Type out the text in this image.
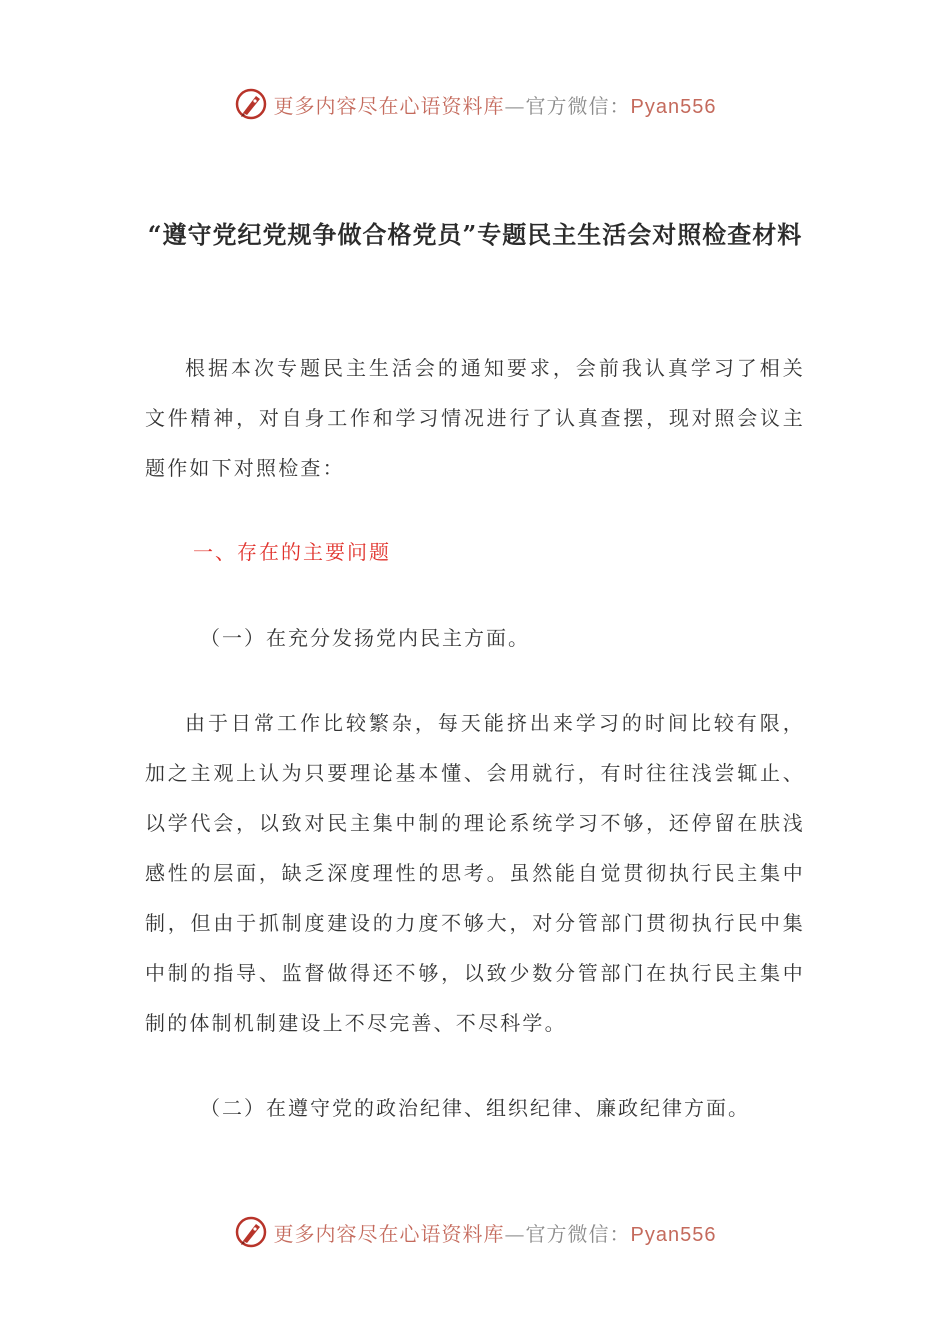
更多内容尽在心语资料库—官方微信：Pyan556
“遵守党纪党规争做合格党员”专题民主生活会对照检查材料
根据本次专题民主生活会的通知要求，会前我认真学习了相关文件精神，对自身工作和学习情况进行了认真查摆，现对照会议主题作如下对照检查：
一、存在的主要问题
（一）在充分发扬党内民主方面。
由于日常工作比较繁杂，每天能挤出来学习的时间比较有限，加之主观上认为只要理论基本懂、会用就行，有时往往浅尝辄止、以学代会，以致对民主集中制的理论系统学习不够，还停留在肤浅感性的层面，缺乏深度理性的思考。虽然能自觉贯彻执行民主集中制，但由于抓制度建设的力度不够大，对分管部门贯彻执行民中集中制的指导、监督做得还不够，以致少数分管部门在执行民主集中制的体制机制建设上不尽完善、不尽科学。
（二）在遵守党的政治纪律、组织纪律、廉政纪律方面。
更多内容尽在心语资料库—官方微信：Pyan556
